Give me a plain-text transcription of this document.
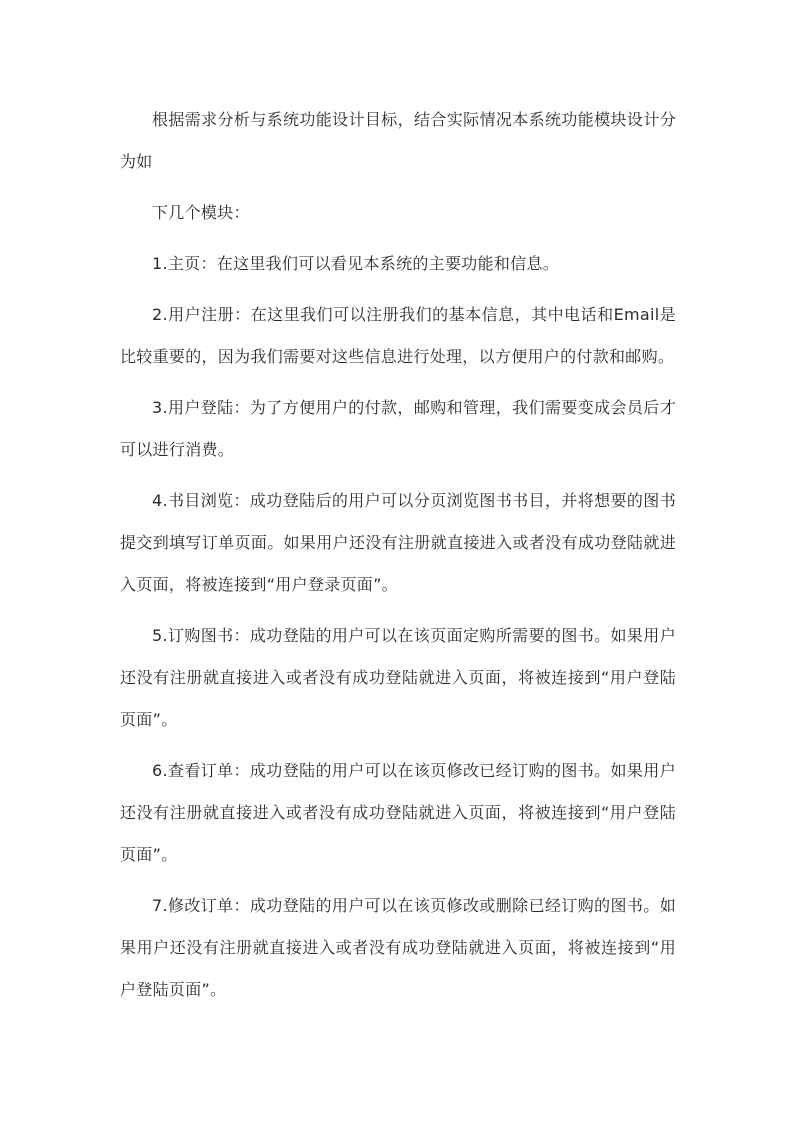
根据需求分析与系统功能设计目标，结合实际情况本系统功能模块设计分为如

下几个模块：

1.主页：在这里我们可以看见本系统的主要功能和信息。

2.用户注册：在这里我们可以注册我们的基本信息，其中电话和Email是比较重要的，因为我们需要对这些信息进行处理，以方便用户的付款和邮购。

3.用户登陆：为了方便用户的付款，邮购和管理，我们需要变成会员后才可以进行消费。

4.书目浏览：成功登陆后的用户可以分页浏览图书书目，并将想要的图书提交到填写订单页面。如果用户还没有注册就直接进入或者没有成功登陆就进入页面，将被连接到“用户登录页面”。

5.订购图书：成功登陆的用户可以在该页面定购所需要的图书。如果用户还没有注册就直接进入或者没有成功登陆就进入页面，将被连接到“用户登陆页面”。

6.查看订单：成功登陆的用户可以在该页修改已经订购的图书。如果用户还没有注册就直接进入或者没有成功登陆就进入页面，将被连接到“用户登陆页面”。

7.修改订单：成功登陆的用户可以在该页修改或删除已经订购的图书。如果用户还没有注册就直接进入或者没有成功登陆就进入页面，将被连接到“用户登陆页面”。
